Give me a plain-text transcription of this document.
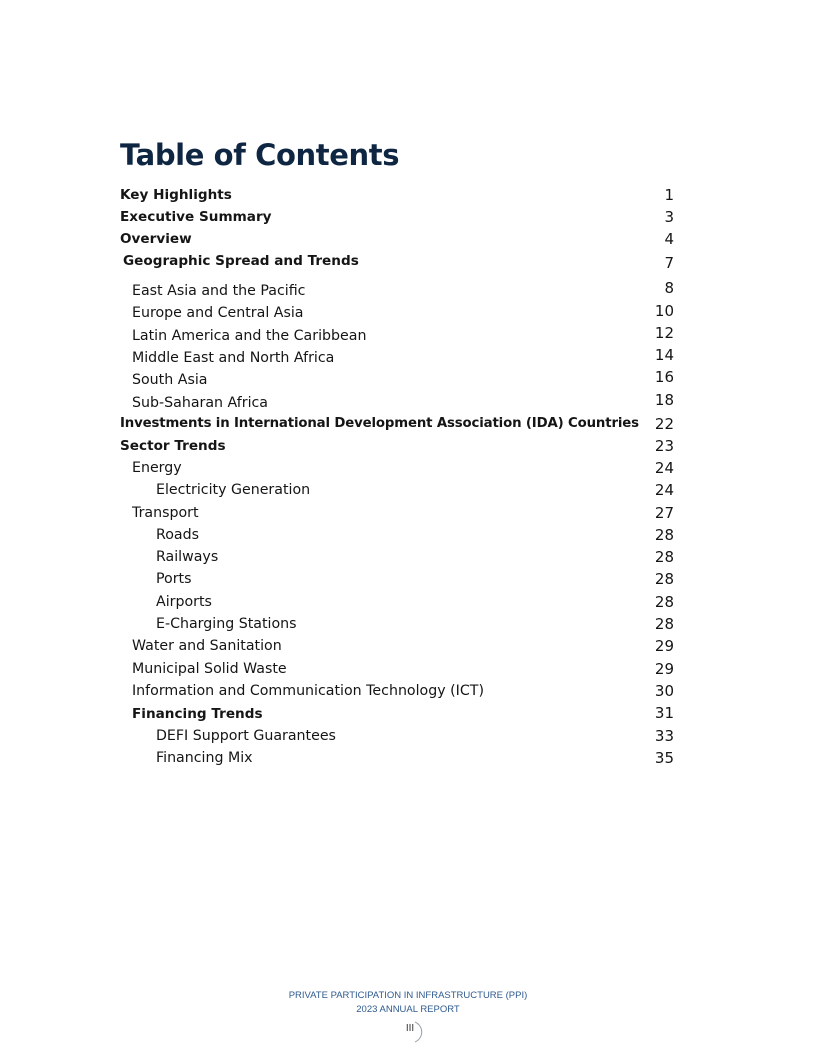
Table of Contents
Key Highlights	1
Executive Summary	3
Overview	4
Geographic Spread and Trends	7
East Asia and the Pacific	8
Europe and Central Asia	10
Latin America and the Caribbean	12
Middle East and North Africa	14
South Asia	16
Sub-Saharan Africa	18
Investments in International Development Association (IDA) Countries 22
Sector Trends	23
Energy	24
Electricity Generation	24
Transport	27
Roads	28
Railways	28
Ports	28
Airports	28
E-Charging Stations	28
Water and Sanitation	29
Municipal Solid Waste	29
Information and Communication Technology (ICT)	30
Financing Trends	31
DEFI Support Guarantees	33
Financing Mix	35
PRIVATE PARTICIPATION IN INFRASTRUCTURE (PPI)
2023 ANNUAL REPORT
III
